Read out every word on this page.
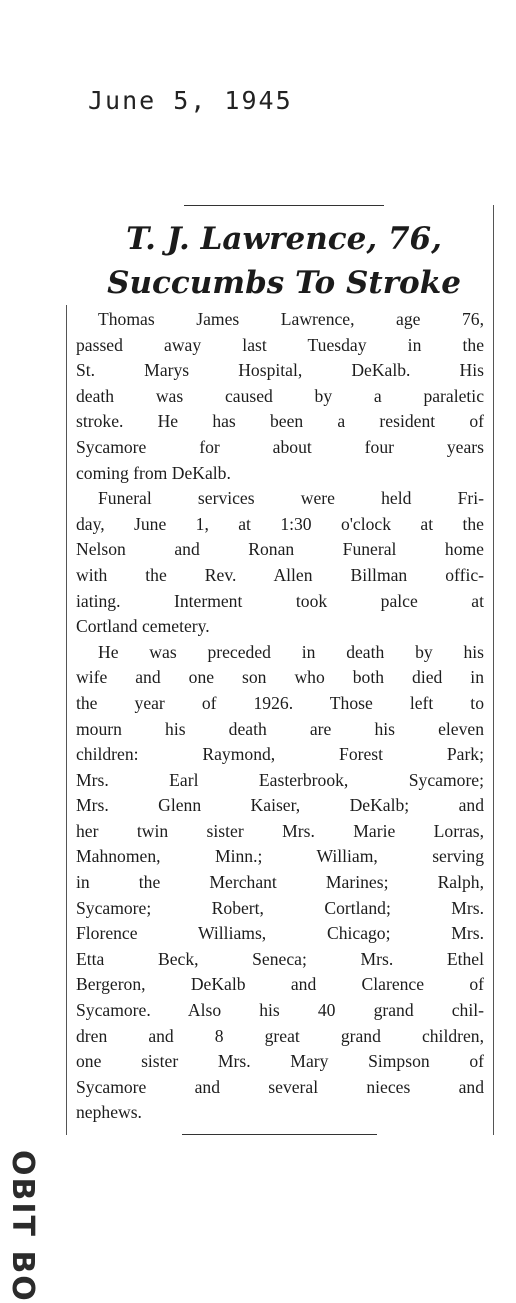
June 5, 1945
T. J. Lawrence, 76,
Succumbs To Stroke
Thomas James Lawrence, age 76,
passed away last Tuesday in the
St. Marys Hospital, DeKalb. His
death was caused by a paraletic
stroke. He has been a resident of
Sycamore for about four years
coming from DeKalb.
Funeral services were held Fri-
day, June 1, at 1:30 o'clock at the
Nelson and Ronan Funeral home
with the Rev. Allen Billman offic-
iating. Interment took palce at
Cortland cemetery.
He was preceded in death by his
wife and one son who both died in
the year of 1926. Those left to
mourn his death are his eleven
children: Raymond, Forest Park;
Mrs. Earl Easterbrook, Sycamore;
Mrs. Glenn Kaiser, DeKalb; and
her twin sister Mrs. Marie Lorras,
Mahnomen, Minn.; William, serving
in the Merchant Marines; Ralph,
Sycamore; Robert, Cortland; Mrs.
Florence Williams, Chicago; Mrs.
Etta Beck, Seneca; Mrs. Ethel
Bergeron, DeKalb and Clarence of
Sycamore. Also his 40 grand chil-
dren and 8 great grand children,
one sister Mrs. Mary Simpson of
Sycamore and several nieces and
nephews.
OBIT BO
